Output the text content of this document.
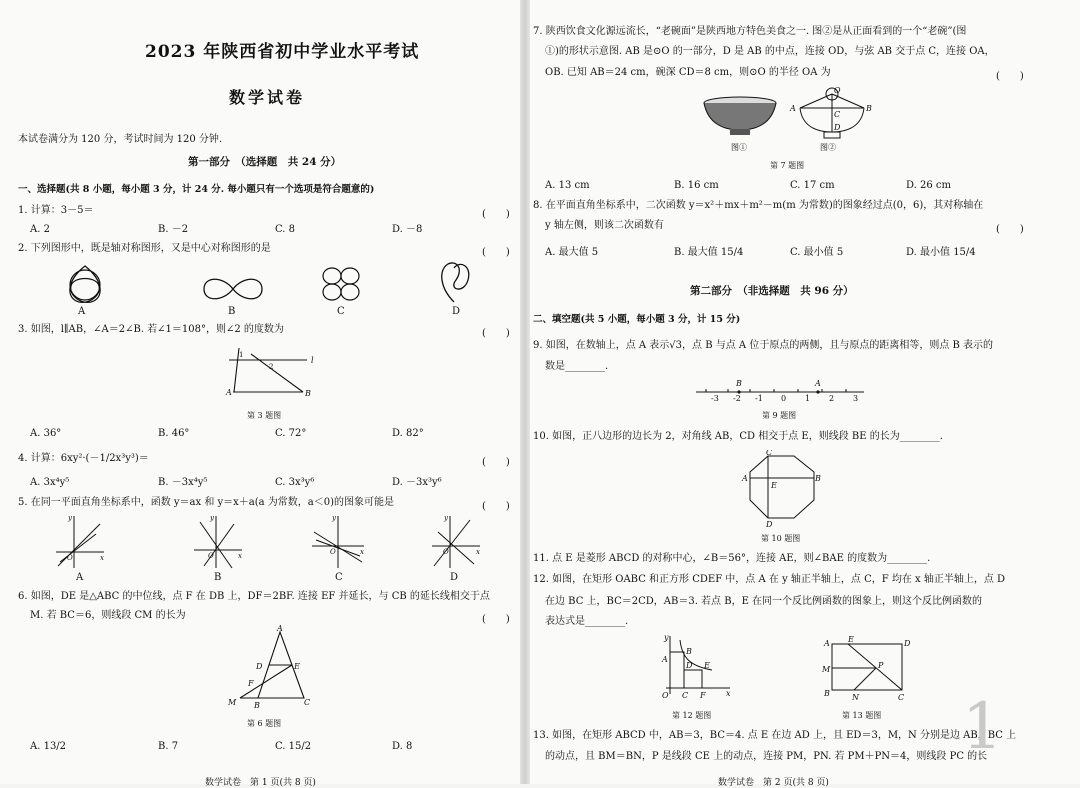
2023 年陕西省初中学业水平考试
数学试卷
本试卷满分为 120 分，考试时间为 120 分钟.
第一部分　（选择题　共 24 分）
一、选择题(共 8 小题，每小题 3 分，计 24 分. 每小题只有一个选项是符合题意的)
1. 计算：3－5＝	(　　)
A. 2	B. －2	C. 8	D. －8
2. 下列图形中，既是轴对称图形，又是中心对称图形的是	(　　)
A	B	C	D
3. 如图，l∥AB，∠A＝2∠B. 若∠1＝108°，则∠2 的度数为	(　　)
l
A	B
1
2
第 3 题图
A. 36°	B. 46°	C. 72°	D. 82°
4. 计算：6xy²·(－1/2x³y³)＝	(　　)
A. 3x⁴y⁵	B. －3x⁴y⁵	C. 3x³y⁶	D. －3x³y⁶
5. 在同一平面直角坐标系中，函数 y＝ax 和 y＝x＋a(a 为常数，a＜0)的图象可能是	(　　)
y
O	x
y
O	x
y
O	x
y
O	x
A	B	C	D
6. 如图，DE 是△ABC 的中位线，点 F 在 DB 上，DF＝2BF. 连接 EF 并延长，与 CB 的延长线相交于点
M. 若 BC＝6，则线段 CM 的长为	(　　)
A
D	E
F
M B	C
第 6 题图
A. 13/2	B. 7	C. 15/2	D. 8
数学试卷　第 1 页(共 8 页)
7. 陕西饮食文化源远流长，“老碗面”是陕西地方特色美食之一. 图②是从正面看到的一个“老碗”(图
①)的形状示意图. AB 是⊙O 的一部分，D 是 AB 的中点，连接 OD，与弦 AB 交于点 C，连接 OA，
OB. 已知 AB＝24 cm，碗深 CD＝8 cm，则⊙O 的半径 OA 为	(　　)
A	B
O
C
D
图①	图②
第 7 题图
A. 13 cm	B. 16 cm	C. 17 cm	D. 26 cm
8. 在平面直角坐标系中，二次函数 y＝x²＋mx＋m²－m(m 为常数)的图象经过点(0，6)，其对称轴在
y 轴左侧，则该二次函数有	(　　)
A. 最大值 5	B. 最大值 15/4	C. 最小值 5	D. 最小值 15/4
第二部分　（非选择题　共 96 分）
二、填空题(共 5 小题，每小题 3 分，计 15 分)
9. 如图，在数轴上，点 A 表示√3，点 B 与点 A 位于原点的两侧，且与原点的距离相等，则点 B 表示的
数是________.
B	A
-3 -2 -1 0 1 2 3
第 9 题图
10. 如图，正八边形的边长为 2，对角线 AB，CD 相交于点 E，则线段 BE 的长为________.
C
A	B
E
D
第 10 题图
11. 点 E 是菱形 ABCD 的对称中心，∠B＝56°，连接 AE，则∠BAE 的度数为________.
12. 如图，在矩形 OABC 和正方形 CDEF 中，点 A 在 y 轴正半轴上，点 C，F 均在 x 轴正半轴上，点 D
在边 BC 上，BC＝2CD，AB＝3. 若点 B，E 在同一个反比例函数的图象上，则这个反比例函数的
表达式是________.
y
A
B
D E
O C F	x
第 12 题图
A E	D
M	P
B	N	C
第 13 题图
13. 如图，在矩形 ABCD 中，AB＝3，BC＝4. 点 E 在边 AD 上，且 ED＝3，M，N 分别是边 AB，BC 上
的动点，且 BM＝BN，P 是线段 CE 上的动点，连接 PM，PN. 若 PM＋PN＝4，则线段 PC 的长
1
数学试卷　第 2 页(共 8 页)
